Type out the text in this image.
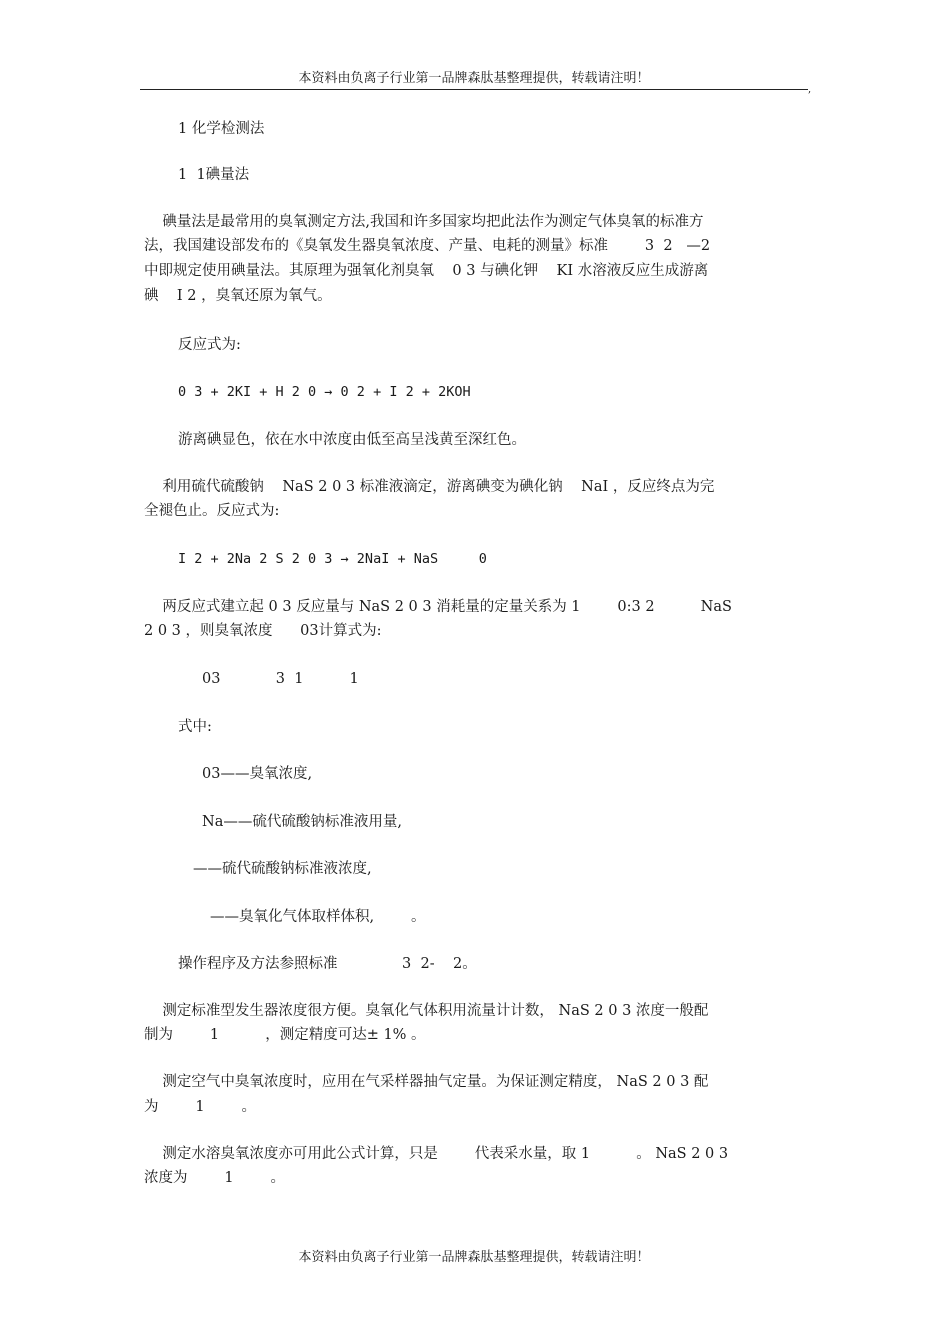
本资料由负离子行业第一品牌森肽基整理提供，转载请注明！
,
1 化学检测法
1  1碘量法
碘量法是最常用的臭氧测定方法,我国和许多国家均把此法作为测定气体臭氧的标准方
法，我国建设部发布的《臭氧发生器臭氧浓度、产量、电耗的测量》标准        3  2   —2
中即规定使用碘量法。其原理为强氧化剂臭氧    0 3 与碘化钾    KI 水溶液反应生成游离
碘    I 2 ，臭氧还原为氧气。
反应式为:
0 3 + 2KI + H 2 0 → 0 2 + I 2 + 2KOH
游离碘显色，依在水中浓度由低至高呈浅黄至深红色。
利用硫代硫酸钠    NaS 2 0 3 标准液滴定，游离碘变为碘化钠    NaI ，反应终点为完
全褪色止。反应式为:
I 2 + 2Na 2 S 2 0 3 → 2NaI + NaS     0
两反应式建立起 0 3 反应量与 NaS 2 0 3 消耗量的定量关系为 1        0:3 2          NaS
2 0 3 ，则臭氧浓度      03计算式为:
03            3  1          1
式中:
03——臭氧浓度,
Na——硫代硫酸钠标准液用量,
——硫代硫酸钠标准液浓度,
——臭氧化气体取样体积,        。
操作程序及方法参照标准              3  2-    2。
测定标准型发生器浓度很方便。臭氧化气体积用流量计计数， NaS 2 0 3 浓度一般配
制为        1          ，测定精度可达± 1% 。
测定空气中臭氧浓度时，应用在气采样器抽气定量。为保证测定精度， NaS 2 0 3 配
为        1        。
测定水溶臭氧浓度亦可用此公式计算，只是        代表采水量，取 1          。 NaS 2 0 3
浓度为        1        。
本资料由负离子行业第一品牌森肽基整理提供，转载请注明！
